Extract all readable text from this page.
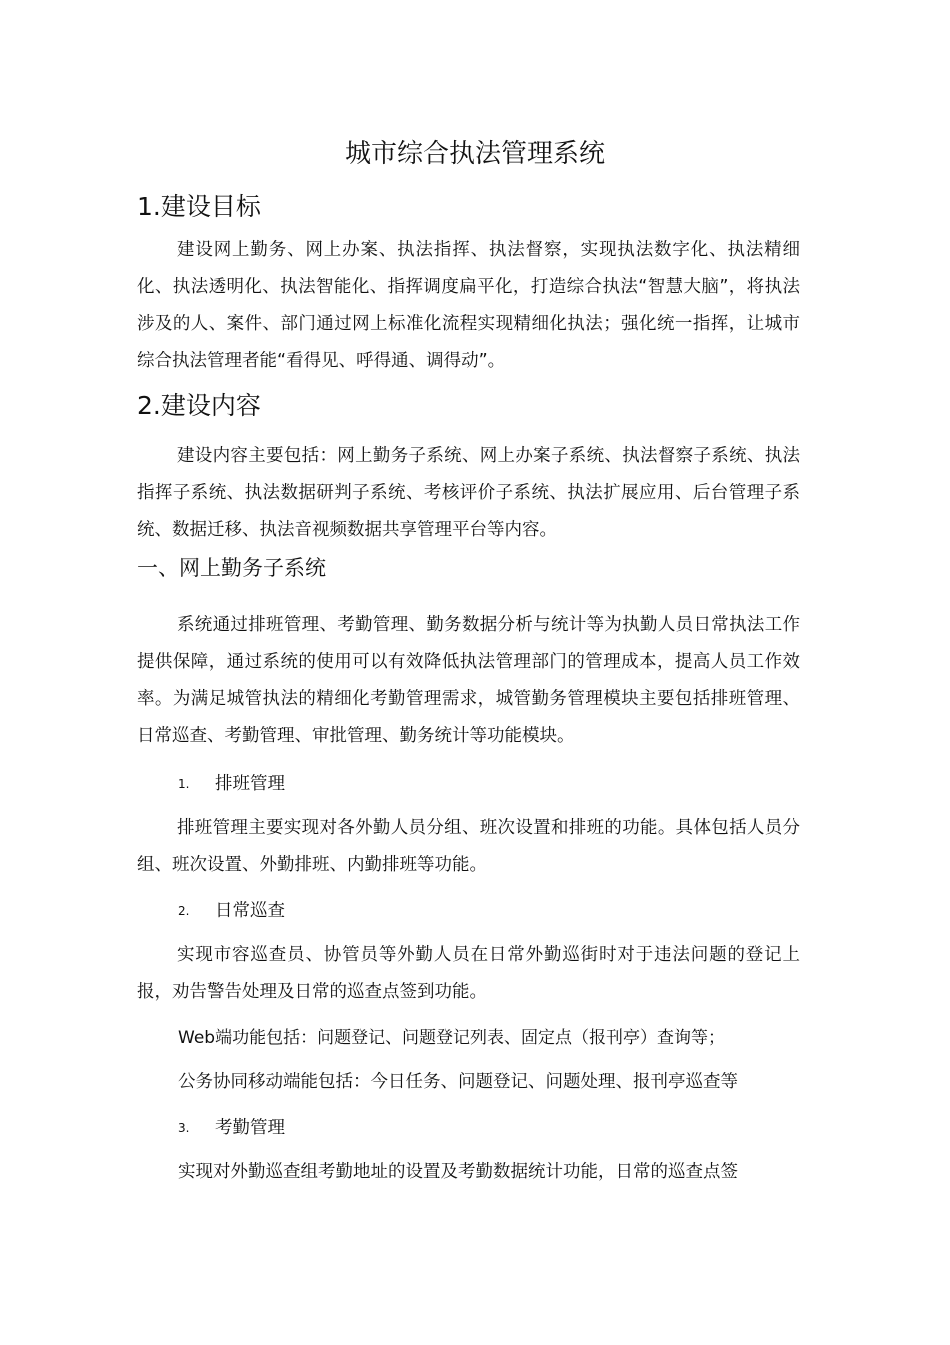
城市综合执法管理系统
1.建设目标

建设网上勤务、网上办案、执法指挥、执法督察，实现执法数字化、执法精细化、执法透明化、执法智能化、指挥调度扁平化，打造综合执法“智慧大脑”，将执法涉及的人、案件、部门通过网上标准化流程实现精细化执法；强化统一指挥，让城市综合执法管理者能“看得见、呼得通、调得动”。

2.建设内容

建设内容主要包括：网上勤务子系统、网上办案子系统、执法督察子系统、执法指挥子系统、执法数据研判子系统、考核评价子系统、执法扩展应用、后台管理子系统、数据迁移、执法音视频数据共享管理平台等内容。

一、网上勤务子系统

系统通过排班管理、考勤管理、勤务数据分析与统计等为执勤人员日常执法工作提供保障，通过系统的使用可以有效降低执法管理部门的管理成本，提高人员工作效率。为满足城管执法的精细化考勤管理需求，城管勤务管理模块主要包括排班管理、日常巡查、考勤管理、审批管理、勤务统计等功能模块。

1. 排班管理

排班管理主要实现对各外勤人员分组、班次设置和排班的功能。具体包括人员分组、班次设置、外勤排班、内勤排班等功能。

2. 日常巡查

实现市容巡查员、协管员等外勤人员在日常外勤巡街时对于违法问题的登记上报，劝告警告处理及日常的巡查点签到功能。

Web端功能包括：问题登记、问题登记列表、固定点（报刊亭）查询等；
公务协同移动端能包括：今日任务、问题登记、问题处理、报刊亭巡查等
3. 考勤管理
实现对外勤巡查组考勤地址的设置及考勤数据统计功能，日常的巡查点签
